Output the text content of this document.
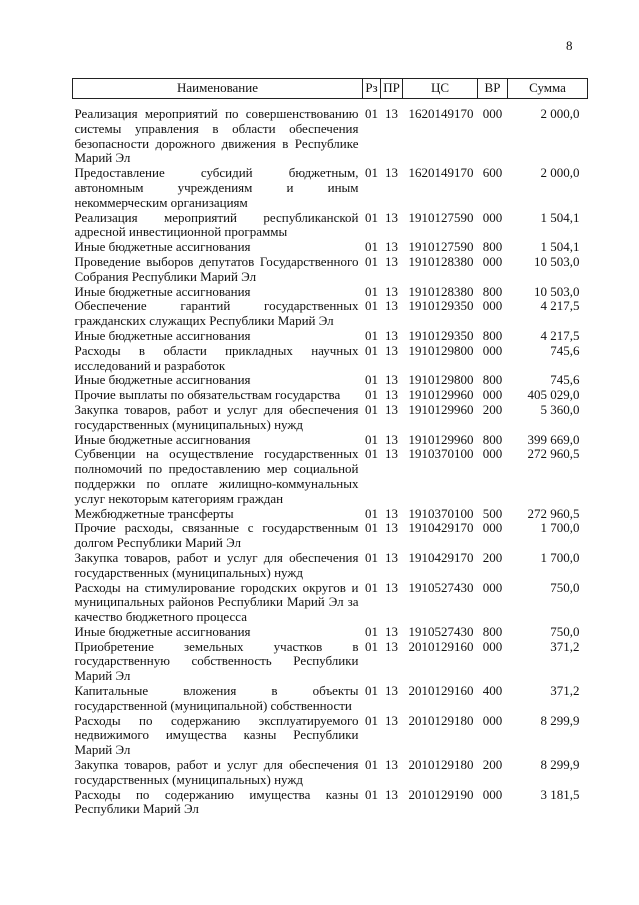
8
Наименование	Рз	ПР	ЦС	ВР	Сумма
Реализация мероприятий по совершенствованию системы управления в области обеспечения безопасности дорожного движения в Республике Марий Эл	01	13	1620149170	000	2 000,0
Предоставление субсидий бюджетным, автономным учреждениям и иным некоммерческим организациям	01	13	1620149170	600	2 000,0
Реализация мероприятий республиканской адресной инвестиционной программы	01	13	1910127590	000	1 504,1
Иные бюджетные ассигнования	01	13	1910127590	800	1 504,1
Проведение выборов депутатов Государственного Собрания Республики Марий Эл	01	13	1910128380	000	10 503,0
Иные бюджетные ассигнования	01	13	1910128380	800	10 503,0
Обеспечение гарантий государственных гражданских служащих Республики Марий Эл	01	13	1910129350	000	4 217,5
Иные бюджетные ассигнования	01	13	1910129350	800	4 217,5
Расходы в области прикладных научных исследований и разработок	01	13	1910129800	000	745,6
Иные бюджетные ассигнования	01	13	1910129800	800	745,6
Прочие выплаты по обязательствам государства	01	13	1910129960	000	405 029,0
Закупка товаров, работ и услуг для обеспечения государственных (муниципальных) нужд	01	13	1910129960	200	5 360,0
Иные бюджетные ассигнования	01	13	1910129960	800	399 669,0
Субвенции на осуществление государственных полномочий по предоставлению мер социальной поддержки по оплате жилищно-коммунальных услуг некоторым категориям граждан	01	13	1910370100	000	272 960,5
Межбюджетные трансферты	01	13	1910370100	500	272 960,5
Прочие расходы, связанные с государственным долгом Республики Марий Эл	01	13	1910429170	000	1 700,0
Закупка товаров, работ и услуг для обеспечения государственных (муниципальных) нужд	01	13	1910429170	200	1 700,0
Расходы на стимулирование городских округов и муниципальных районов Республики Марий Эл за качество бюджетного процесса	01	13	1910527430	000	750,0
Иные бюджетные ассигнования	01	13	1910527430	800	750,0
Приобретение земельных участков в государственную собственность Республики Марий Эл	01	13	2010129160	000	371,2
Капитальные вложения в объекты государственной (муниципальной) собственности	01	13	2010129160	400	371,2
Расходы по содержанию эксплуатируемого недвижимого имущества казны Республики Марий Эл	01	13	2010129180	000	8 299,9
Закупка товаров, работ и услуг для обеспечения государственных (муниципальных) нужд	01	13	2010129180	200	8 299,9
Расходы по содержанию имущества казны Республики Марий Эл	01	13	2010129190	000	3 181,5
